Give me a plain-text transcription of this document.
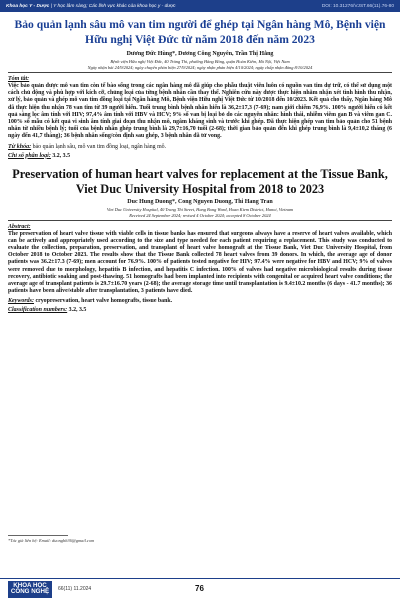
Khoa học Y - Dược | Y học lâm sàng; Các lĩnh vực khác của khoa học y - dược	DOI: 10.31276/VJST.66(11).76-80
Bảo quản lạnh sâu mô van tim người để ghép tại Ngân hàng Mô, Bệnh viện Hữu nghị Việt Đức từ năm 2018 đến năm 2023
Dương Đức Hùng*, Dương Công Nguyên, Trần Thị Hằng
Bệnh viện Hữu nghị Việt Đức, 40 Tràng Thi, phường Hàng Bông, quận Hoàn Kiếm, Hà Nội, Việt Nam
Ngày nhận bài 24/9/2024; ngày chuyển phản biện 27/9/2024; ngày nhận phản biện 4/10/2024; ngày chấp nhận đăng 8/10/2024
Tóm tắt:

Việc bảo quản được mô van tim còn tế bào sống trong các ngân hàng mô đã giúp cho phẫu thuật viên luôn có nguồn van tim dự trữ, có thể sử dụng một cách chủ động và phù hợp với kích cỡ, chủng loại của từng bệnh nhân cần thay thế. Nghiên cứu này được thực hiện nhằm nhận xét tình hình thu nhận, xử lý, bảo quản và ghép mô van tim đồng loại tại Ngân hàng Mô, Bệnh viện Hữu nghị Việt Đức từ 10/2018 đến 10/2023. Kết quả cho thấy, Ngân hàng Mô đã thực hiện thu nhận 78 van tim từ 39 người hiến. Tuổi trung bình bệnh nhân hiến là 36,2±17,3 (7-69); nam giới chiếm 76,9%. 100% người hiến có kết quả sàng lọc âm tính với HIV; 97,4% âm tính với HBV và HCV; 9% số van bị loại bỏ do các nguyên nhân: hình thái, nhiễm viêm gan B và viêm gan C. 100% số mẫu có kết quả vi sinh âm tính giai đoạn thu nhận mô, ngâm kháng sinh và trước khi ghép. Đã thực hiện ghép van tim bảo quản cho 51 bệnh nhân từ nhiều bệnh lý; tuổi của bệnh nhân ghép trung bình là 29,7±16,70 tuổi (2-68); thời gian bảo quản đến khi ghép trung bình là 9,4±10,2 tháng (6 ngày đến 41,7 tháng); 36 bệnh nhân sống/còn định sau ghép, 3 bệnh nhân đã tử vong.

Từ khóa: bảo quản lạnh sâu, mô van tim đồng loại, ngân hàng mô.
Chỉ số phân loại: 3.2, 3.5
Preservation of human heart valves for replacement at the Tissue Bank, Viet Duc University Hospital from 2018 to 2023
Duc Hung Duong*, Cong Nguyen Duong, Thi Hang Tran
Viet Duc University Hospital, 40 Trang Thi Street, Hang Bong Ward, Hoan Kiem District, Hanoi, Vietnam
Received 24 September 2024; revised 4 October 2024; accepted 8 October 2024
Abstract:

The preservation of heart valve tissue with viable cells in tissue banks has ensured that surgeons always have a reserve of heart valves available, which can be actively and appropriately used according to the size and type needed for each patient requiring a replacement. This study was conducted to evaluate the collection, preparation, preservation, and transplant of heart valve homograft at the Tissue Bank, Viet Duc University Hospital, from October 2018 to October 2023. The results show that the Tissue Bank collected 78 heart valves from 39 donors. In which, the average age of donor patients was 36.2±17.3 (7-69); men account for 76.9%. 100% of patients tested negative for HIV; 97.4% were negative for HBV and HCV; 9% of valves were removed due to morphology, hepatitis B infection, and hepatitis C infection. 100% of valves had negative microbiological results during tissue recovery, antibiotic soaking and post-thawing. 51 homografts had been implanted into recipients with congenital or acquired heart valve conditions; the average age of transplant patients is 29.7±16.70 years (2-68); the average storage time until transplantation is 9.4±10.2 months (6 days - 41.7 months); 36 patients have been alive/stable after transplantation, 3 patients have died.

Keywords: cryopreservation, heart valve homografts, tissue bank.
Classification numbers: 3.2, 3.5
*Tác giả liên hệ: Email: duonghh36@gmail.com
KHOA HỌC
CÔNG NGHỆ	66(11) 11.2024	76
